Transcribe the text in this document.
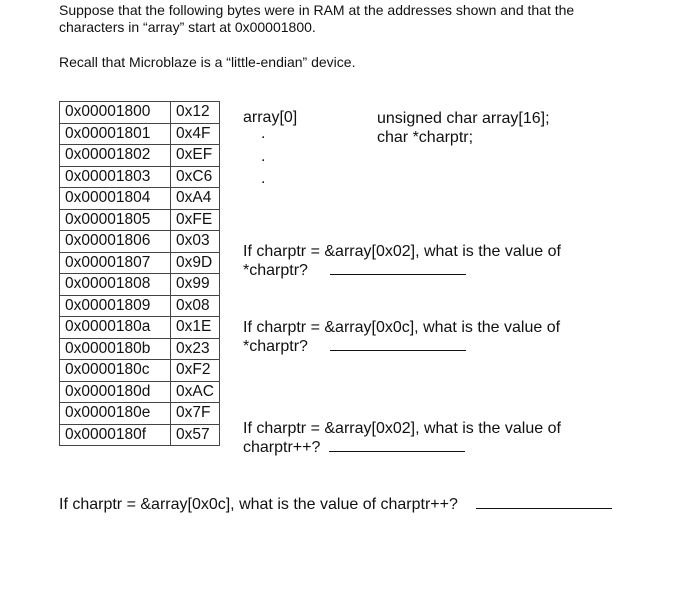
Suppose that the following bytes were in RAM at the addresses shown and that the
characters in “array” start at 0x00001800.
Recall that Microblaze is a “little-endian” device.
0x00001800	0x12
0x00001801	0x4F
0x00001802	0xEF
0x00001803	0xC6
0x00001804	0xA4
0x00001805	0xFE
0x00001806	0x03
0x00001807	0x9D
0x00001808	0x99
0x00001809	0x08
0x0000180a	0x1E
0x0000180b	0x23
0x0000180c	0xF2
0x0000180d	0xAC
0x0000180e	0x7F
0x0000180f	0x57
array[0]
.
.
.
unsigned char array[16];
char *charptr;
If charptr = &array[0x02], what is the value of
*charptr?
If charptr = &array[0x0c], what is the value of
*charptr?
If charptr = &array[0x02], what is the value of
charptr++?
If charptr = &array[0x0c], what is the value of charptr++?
